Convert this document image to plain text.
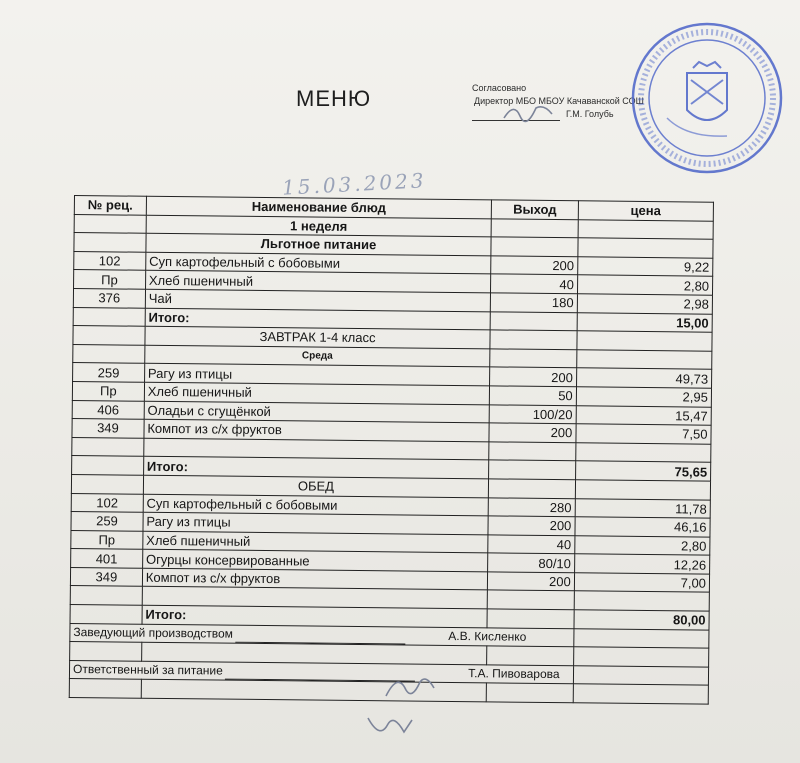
МЕНЮ	Согласовано
Директор МБО МБОУ Качаванской СОШ
Г.М. Голубь
15.03.2023
№ рец.	Наименование блюд	Выход	цена
	1 неделя		
	Льготное питание		
102	Суп картофельный с бобовыми	200	9,22
Пр	Хлеб пшеничный	40	2,80
376	Чай	180	2,98
	Итого:		15,00
	ЗАВТРАК 1-4 класс		
	Среда		
259	Рагу из птицы	200	49,73
Пр	Хлеб пшеничный	50	2,95
406	Оладьи с сгущёнкой	100/20	15,47
349	Компот из с/х фруктов	200	7,50

	Итого:		75,65
	ОБЕД		
102	Суп картофельный с бобовыми	280	11,78
259	Рагу из птицы	200	46,16
Пр	Хлеб пшеничный	40	2,80
401	Огурцы консервированные	80/10	12,26
349	Компот из с/х фруктов	200	7,00

	Итого:		80,00
Заведующий производством А.В. Кисленко			

Ответственный за питание Т.А. Пивоварова			
